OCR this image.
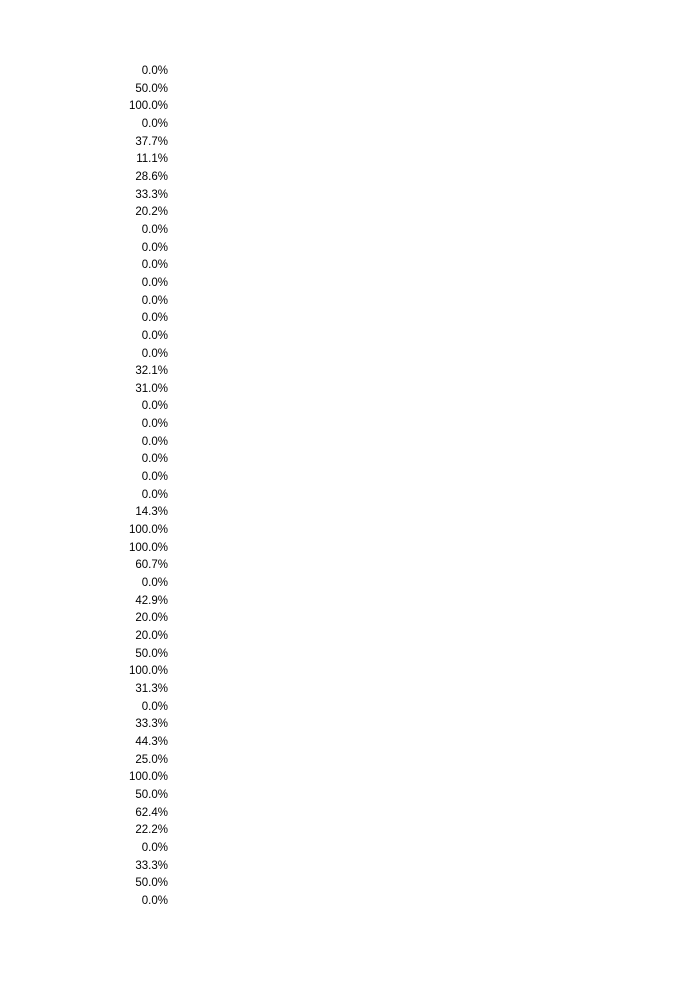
0.0%
50.0%
100.0%
0.0%
37.7%
11.1%
28.6%
33.3%
20.2%
0.0%
0.0%
0.0%
0.0%
0.0%
0.0%
0.0%
0.0%
32.1%
31.0%
0.0%
0.0%
0.0%
0.0%
0.0%
0.0%
14.3%
100.0%
100.0%
60.7%
0.0%
42.9%
20.0%
20.0%
50.0%
100.0%
31.3%
0.0%
33.3%
44.3%
25.0%
100.0%
50.0%
62.4%
22.2%
0.0%
33.3%
50.0%
0.0%
